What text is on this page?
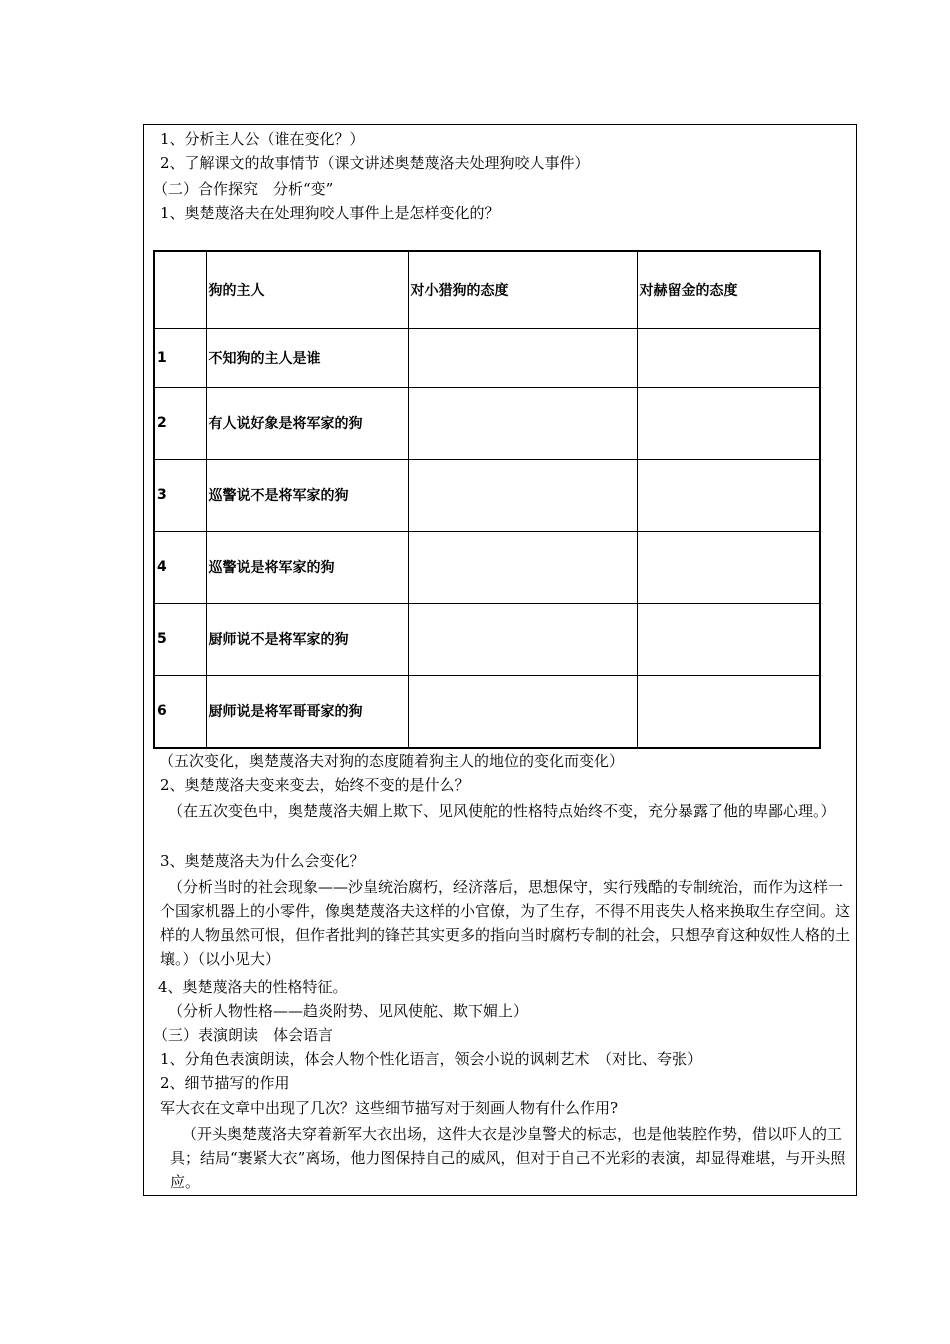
1、分析主人公（谁在变化？）
2、了解课文的故事情节（课文讲述奥楚蔑洛夫处理狗咬人事件）
（二）合作探究　分析“变”
1、奥楚蔑洛夫在处理狗咬人事件上是怎样变化的？
	狗的主人	对小猎狗的态度	对赫留金的态度
1	不知狗的主人是谁		
2	有人说好象是将军家的狗		
3	巡警说不是将军家的狗		
4	巡警说是将军家的狗		
5	厨师说不是将军家的狗		
6	厨师说是将军哥哥家的狗		
（五次变化，奥楚蔑洛夫对狗的态度随着狗主人的地位的变化而变化）
2、奥楚蔑洛夫变来变去，始终不变的是什么？
（在五次变色中，奥楚蔑洛夫媚上欺下、见风使舵的性格特点始终不变，充分暴露了他的卑鄙心理。）
3、奥楚蔑洛夫为什么会变化？
（分析当时的社会现象——沙皇统治腐朽，经济落后，思想保守，实行残酷的专制统治，而作为这样一个国家机器上的小零件，像奥楚蔑洛夫这样的小官僚，为了生存，不得不用丧失人格来换取生存空间。这样的人物虽然可恨，但作者批判的锋芒其实更多的指向当时腐朽专制的社会，只想孕育这种奴性人格的土壤。）（以小见大）
4、奥楚蔑洛夫的性格特征。
（分析人物性格——趋炎附势、见风使舵、欺下媚上）
（三）表演朗读　体会语言
1、分角色表演朗读，体会人物个性化语言，领会小说的讽刺艺术　（对比、夸张）
2、细节描写的作用
军大衣在文章中出现了几次？这些细节描写对于刻画人物有什么作用?
（开头奥楚蔑洛夫穿着新军大衣出场，这件大衣是沙皇警犬的标志，也是他装腔作势，借以吓人的工具；结局“裹紧大衣”离场，他力图保持自己的威风，但对于自己不光彩的表演，却显得难堪，与开头照应。
